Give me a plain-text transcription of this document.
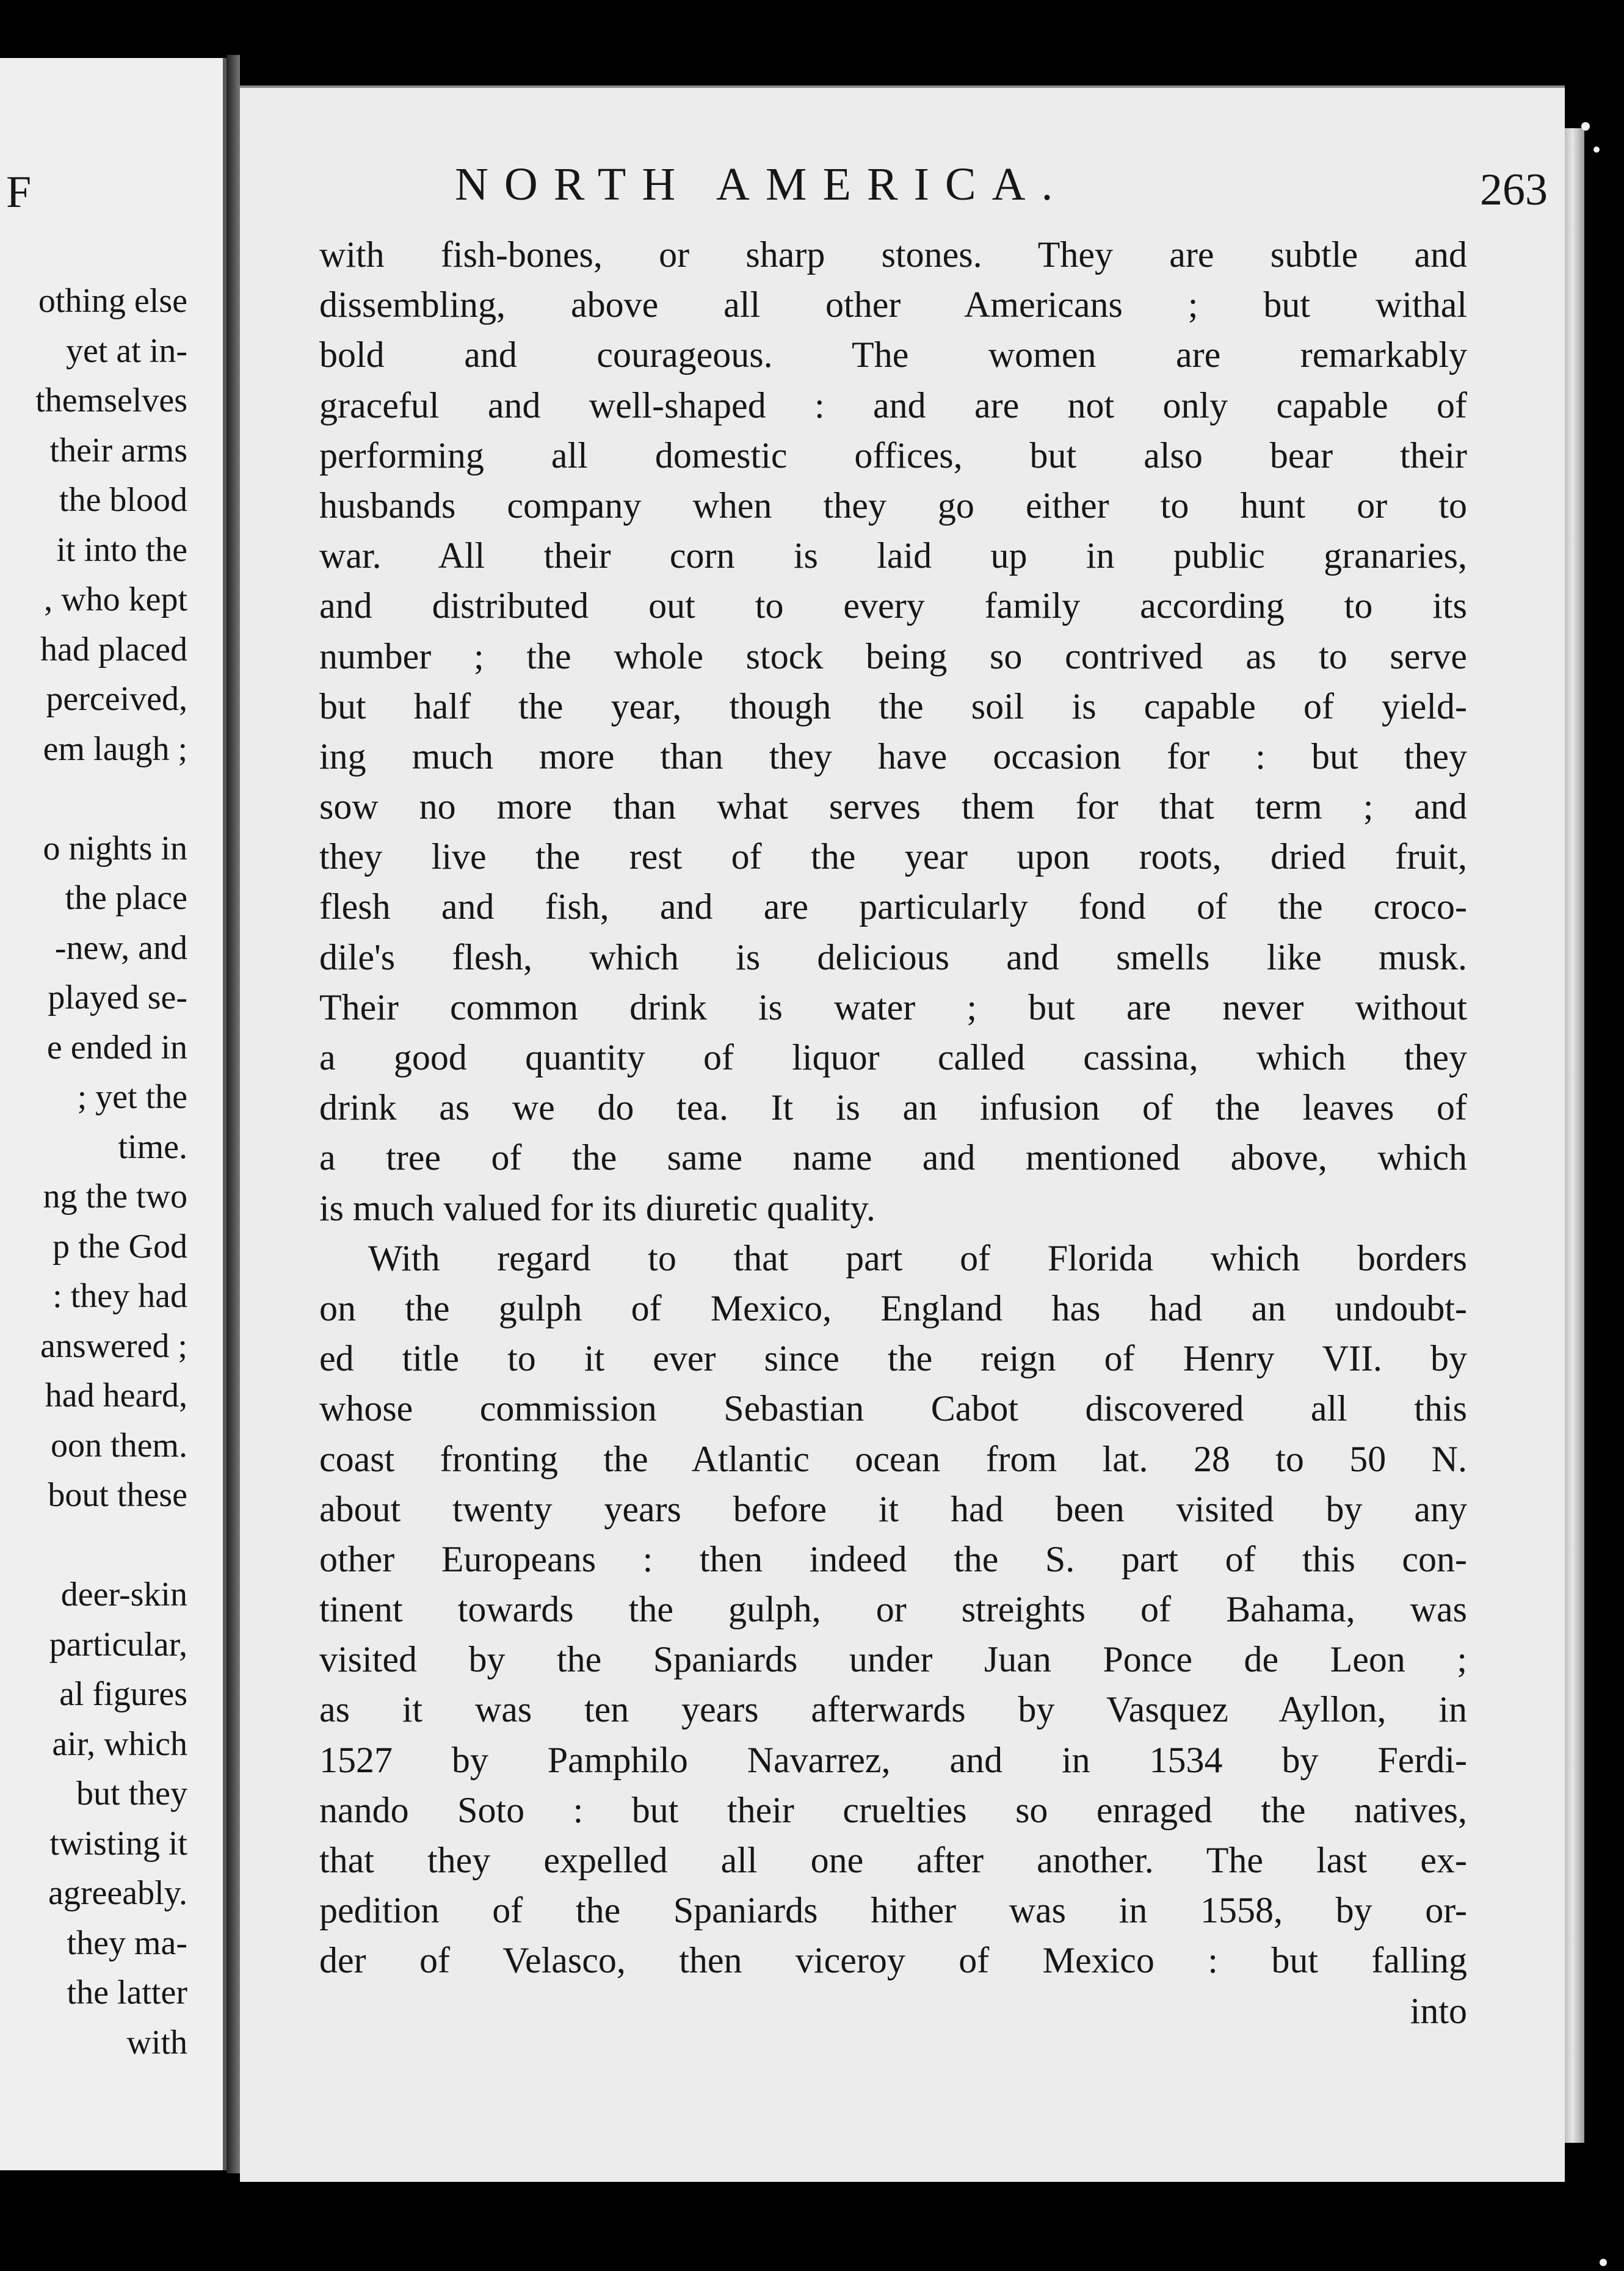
F
othing else
yet at in-
themselves
their arms
the blood
it into the
, who kept
had placed
perceived,
em laugh ;

o nights in
the place
-new, and
played se-
e ended in
; yet the
time.
ng the two
p the God
: they had
answered ;
had heard,
oon them.
bout these

deer-skin
particular,
al figures
air, which
but they
twisting it
agreeably.
they ma-
the latter
with
NORTH AMERICA.	263
with fish-bones, or sharp stones. They are subtle and
dissembling, above all other Americans ; but withal
bold and courageous. The women are remarkably
graceful and well-shaped : and are not only capable of
performing all domestic offices, but also bear their
husbands company when they go either to hunt or to
war. All their corn is laid up in public granaries,
and distributed out to every family according to its
number ; the whole stock being so contrived as to serve
but half the year, though the soil is capable of yield-
ing much more than they have occasion for : but they
sow no more than what serves them for that term ; and
they live the rest of the year upon roots, dried fruit,
flesh and fish, and are particularly fond of the croco-
dile's flesh, which is delicious and smells like musk.
Their common drink is water ; but are never without
a good quantity of liquor called cassina, which they
drink as we do tea. It is an infusion of the leaves of
a tree of the same name and mentioned above, which
is much valued for its diuretic quality.
With regard to that part of Florida which borders
on the gulph of Mexico, England has had an undoubt-
ed title to it ever since the reign of Henry VII. by
whose commission Sebastian Cabot discovered all this
coast fronting the Atlantic ocean from lat. 28 to 50 N.
about twenty years before it had been visited by any
other Europeans : then indeed the S. part of this con-
tinent towards the gulph, or streights of Bahama, was
visited by the Spaniards under Juan Ponce de Leon ;
as it was ten years afterwards by Vasquez Ayllon, in
1527 by Pamphilo Navarrez, and in 1534 by Ferdi-
nando Soto : but their cruelties so enraged the natives,
that they expelled all one after another. The last ex-
pedition of the Spaniards hither was in 1558, by or-
der of Velasco, then viceroy of Mexico : but falling
into
